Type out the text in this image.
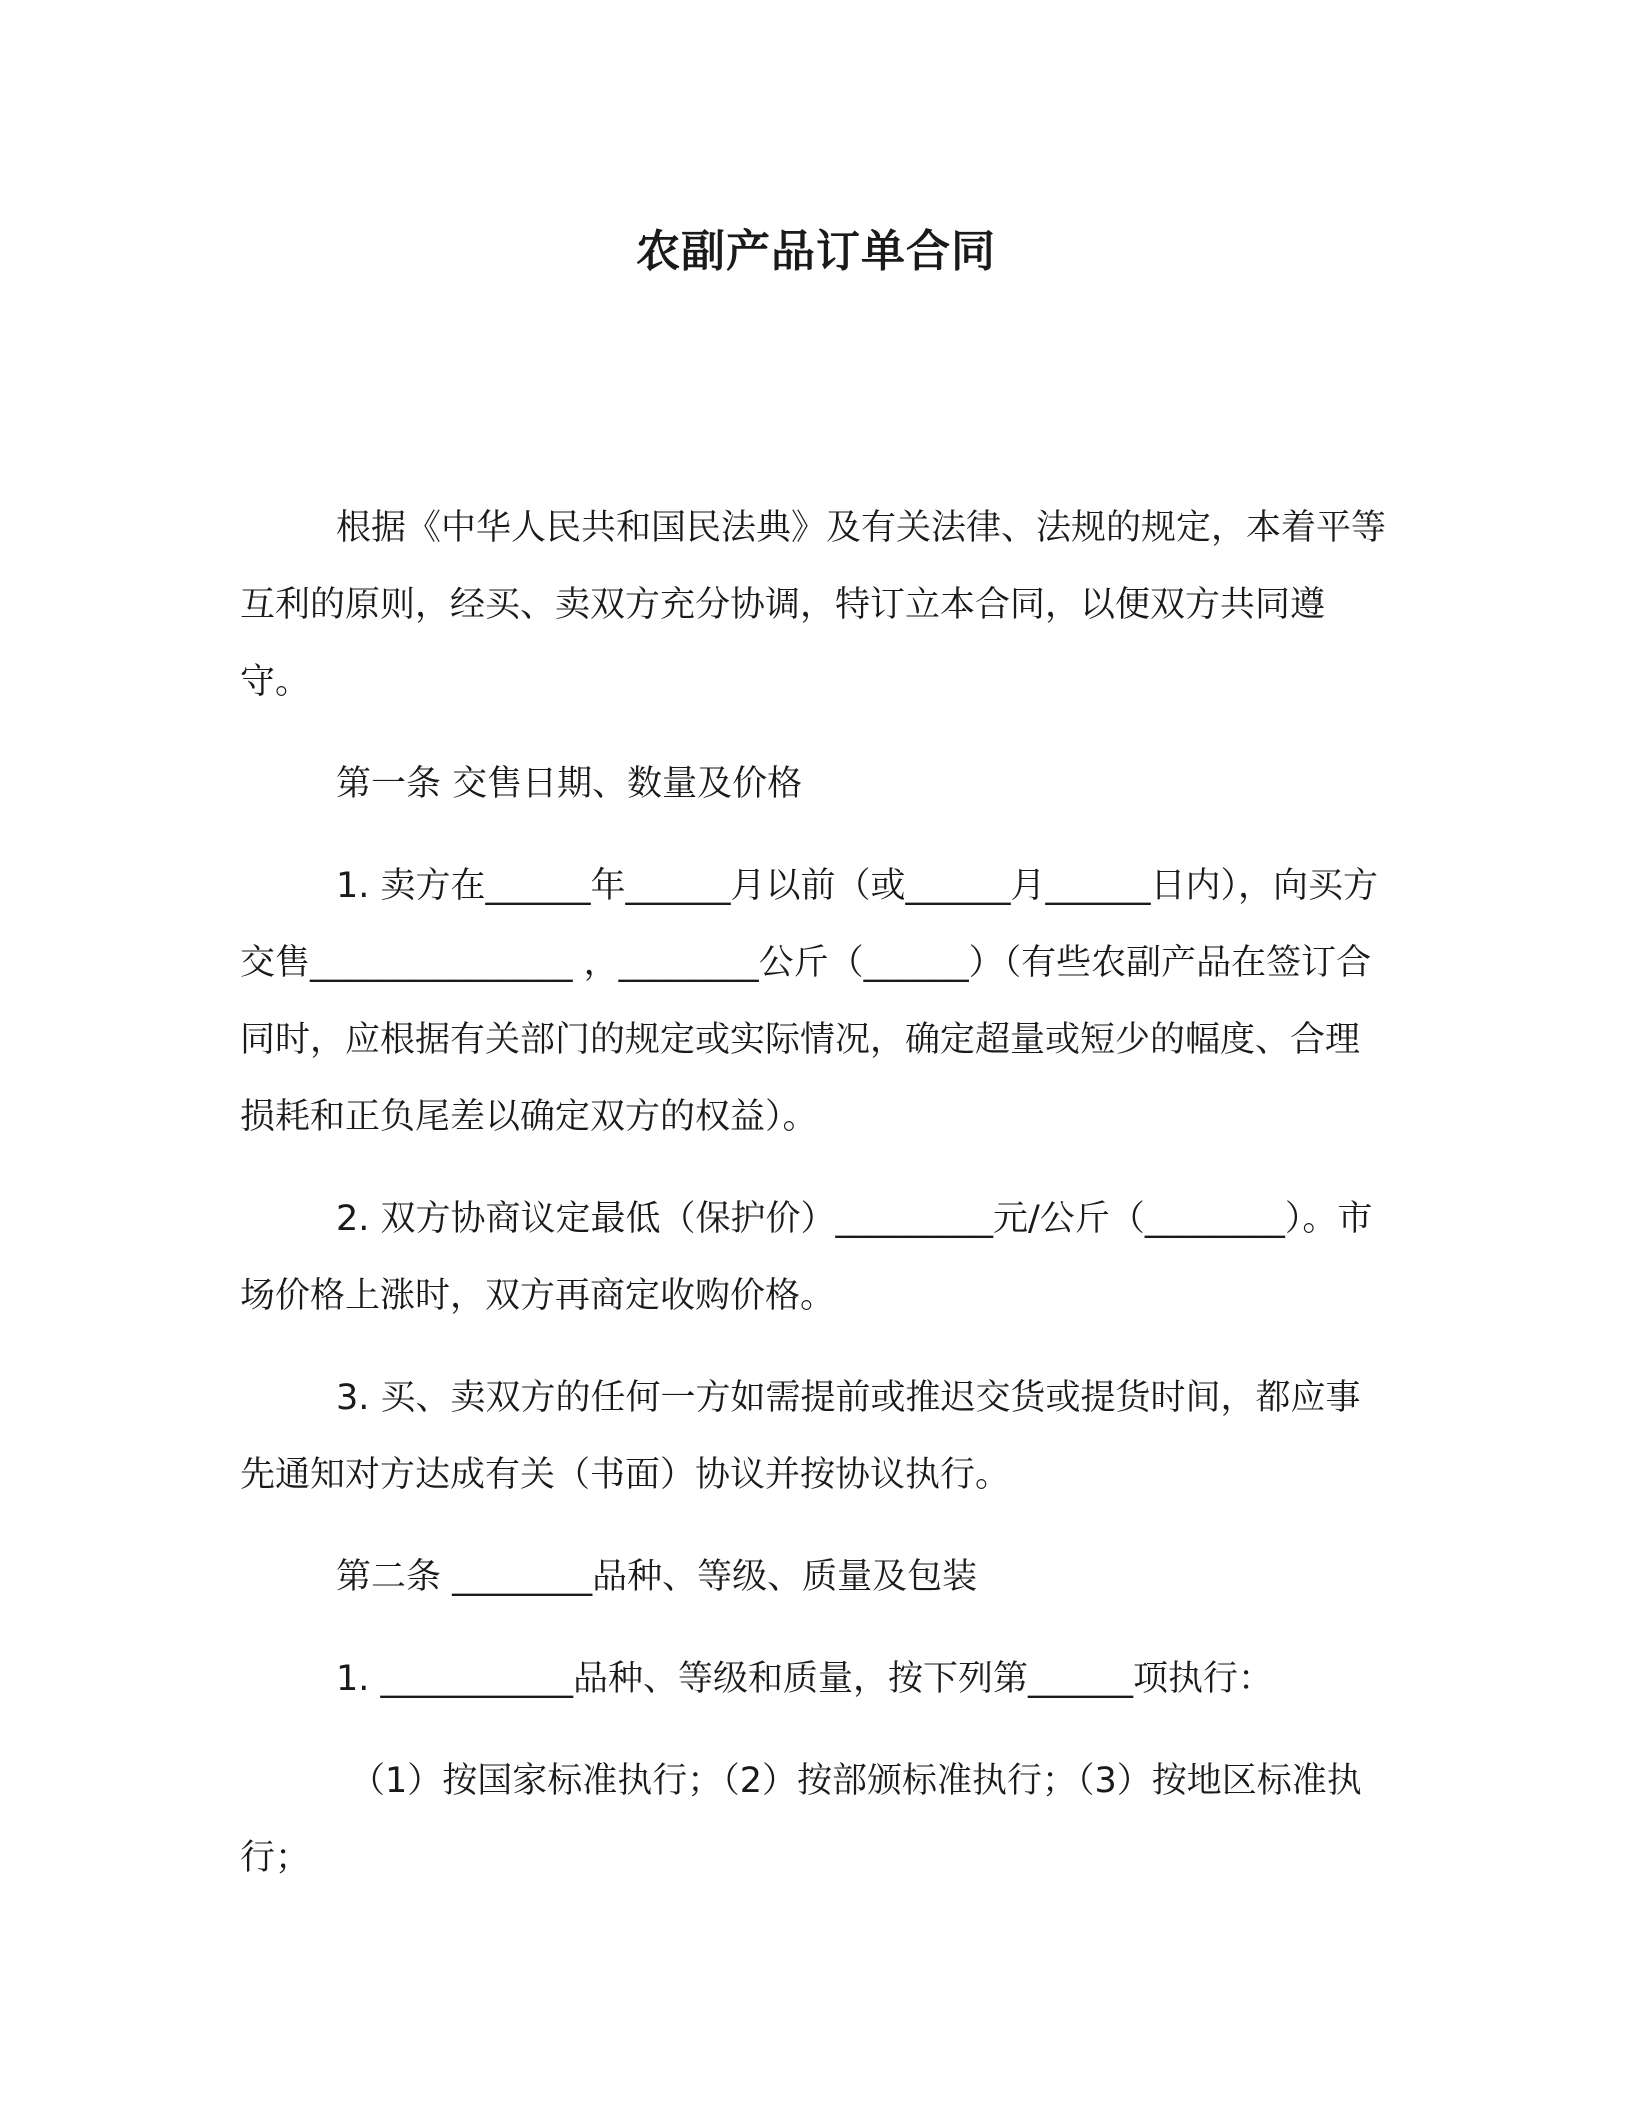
农副产品订单合同

根据《中华人民共和国民法典》及有关法律、法规的规定，本着平等互利的原则，经买、卖双方充分协调，特订立本合同，以便双方共同遵守。

第一条 交售日期、数量及价格

1. 卖方在______年______月以前（或______月______日内），向买方交售_______________ ，________公斤（______）（有些农副产品在签订合同时，应根据有关部门的规定或实际情况，确定超量或短少的幅度、合理损耗和正负尾差以确定双方的权益）。

2. 双方协商议定最低（保护价）_________元/公斤（________）。市场价格上涨时，双方再商定收购价格。

3. 买、卖双方的任何一方如需提前或推迟交货或提货时间，都应事先通知对方达成有关（书面）协议并按协议执行。

第二条 ________品种、等级、质量及包装

1. ___________品种、等级和质量，按下列第______项执行：

（1）按国家标准执行；（2）按部颁标准执行；（3）按地区标准执行；
